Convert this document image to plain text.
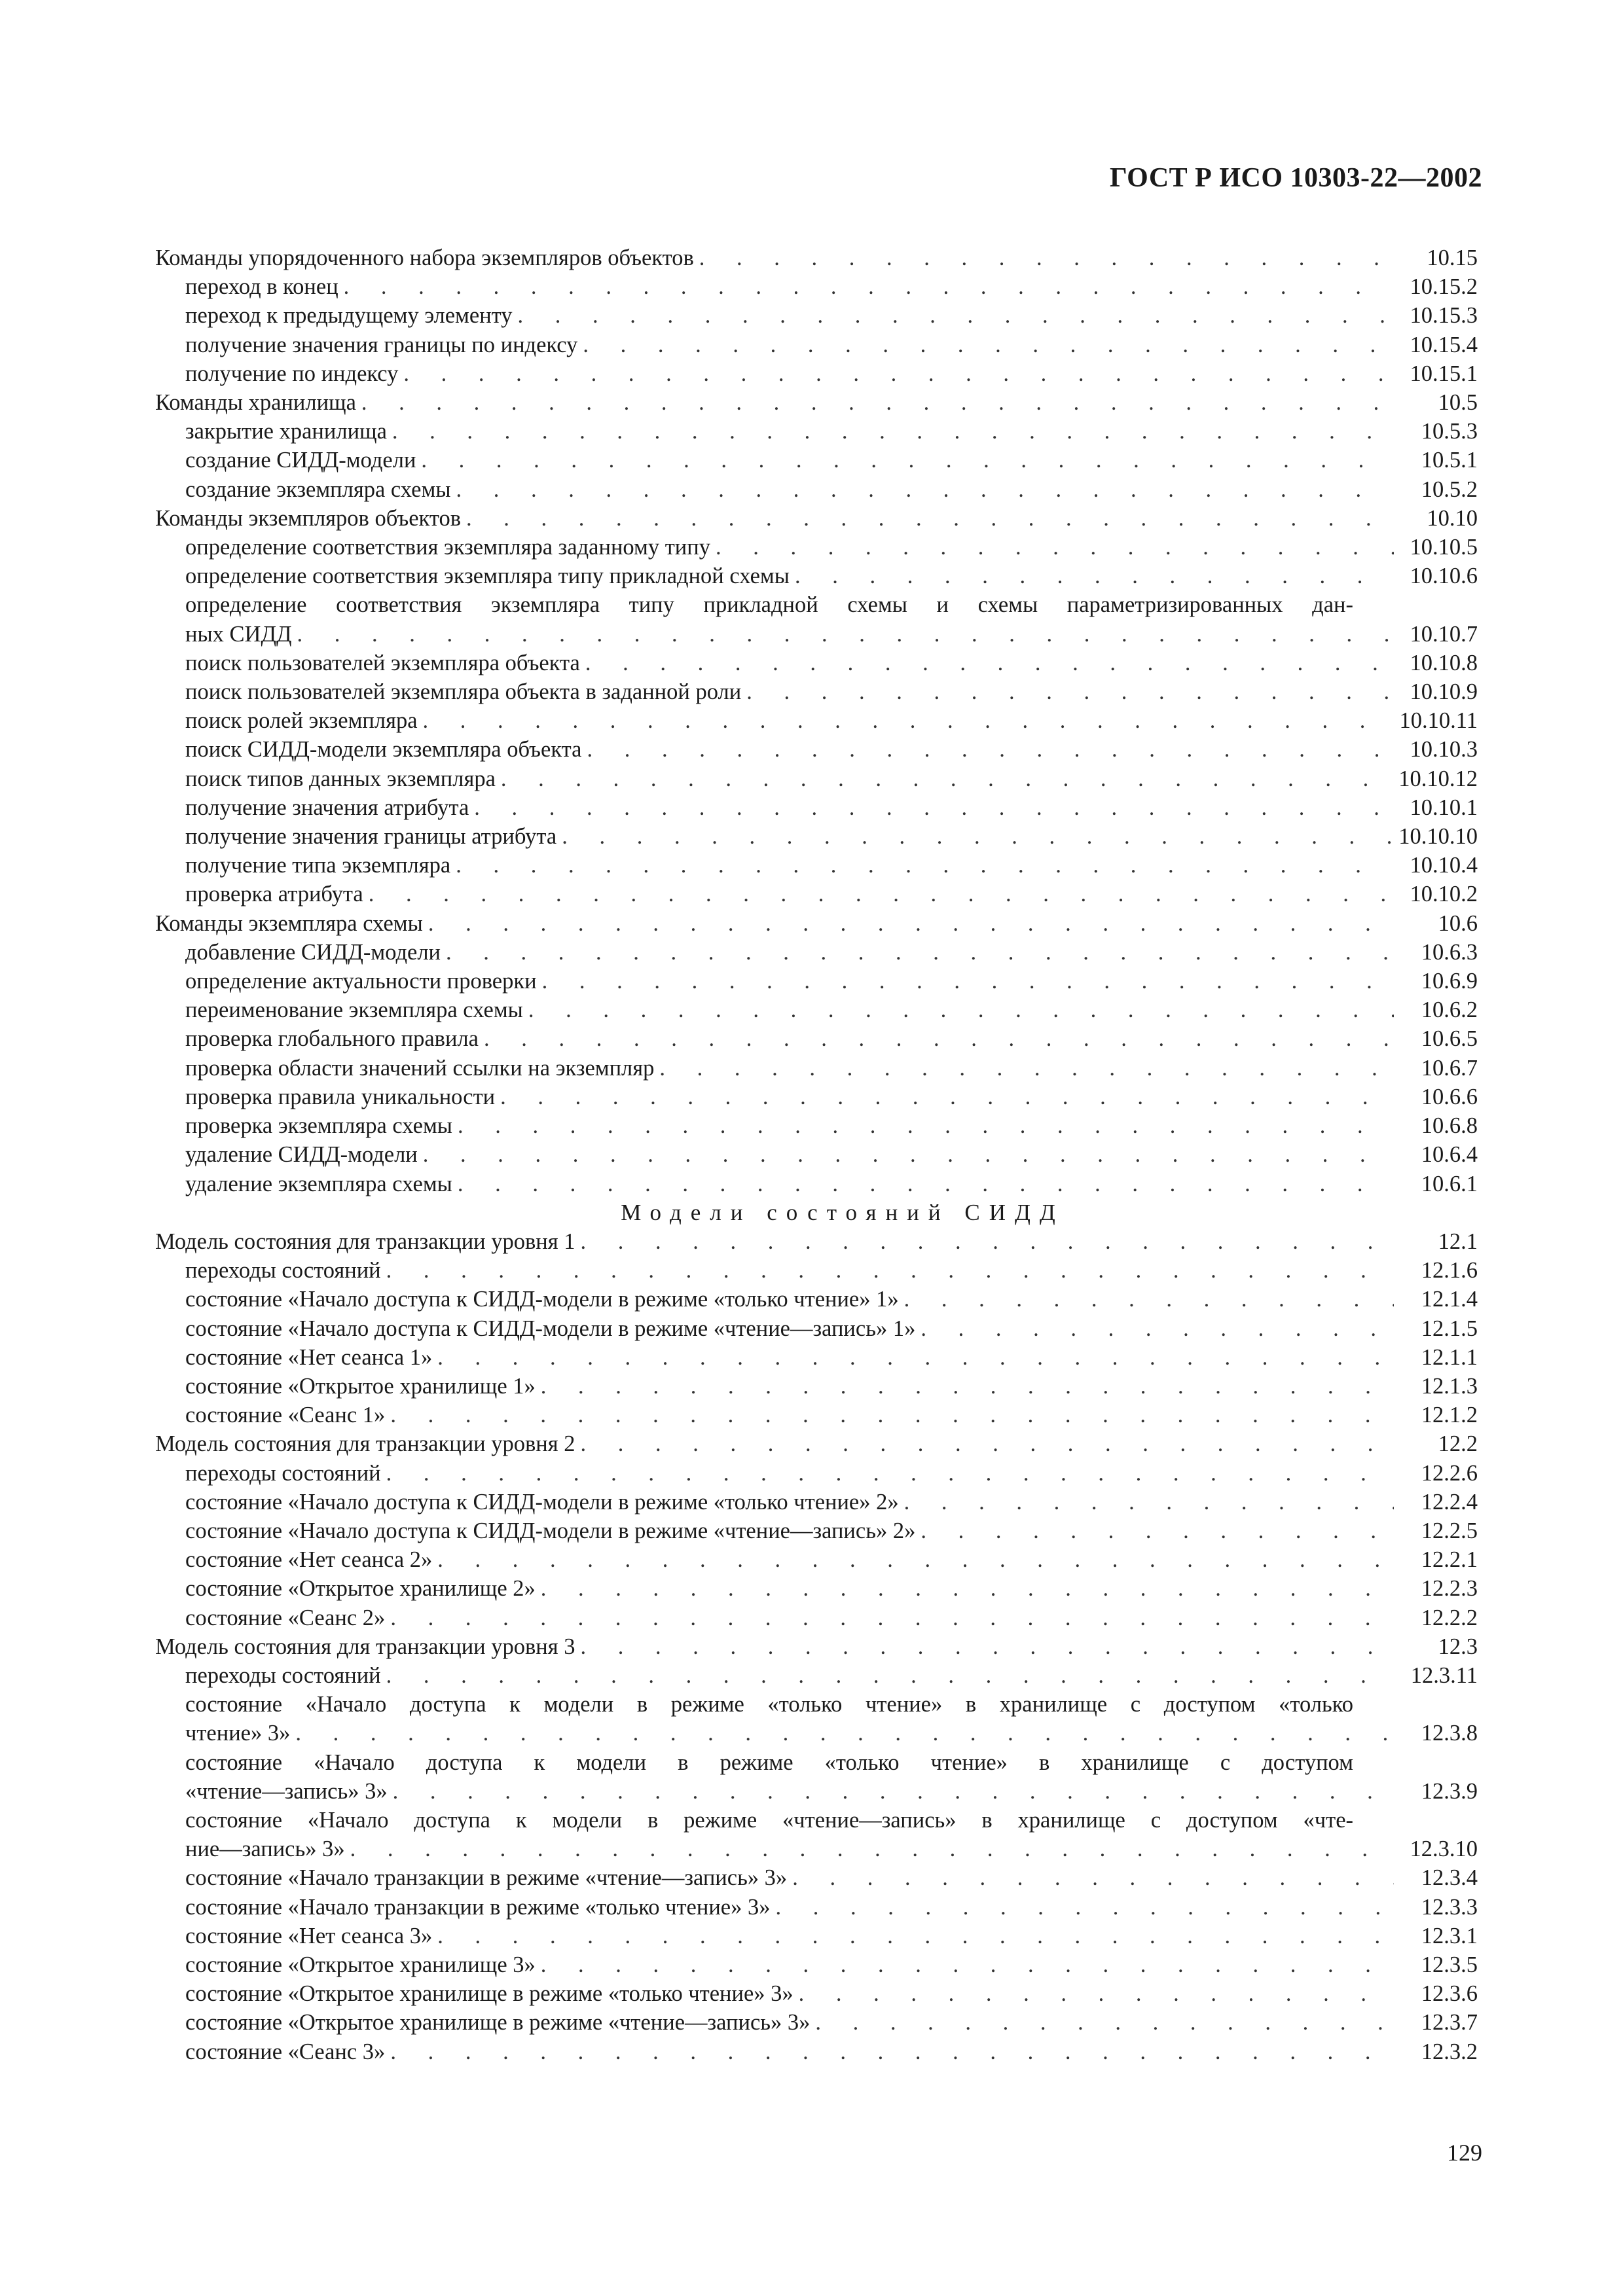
ГОСТ Р ИСО 10303-22—2002
Команды упорядоченного набора экземпляров объектов . . .	10.15
переход в конец . . .	10.15.2
переход к предыдущему элементу . . .	10.15.3
получение значения границы по индексу . . .	10.15.4
получение по индексу . . .	10.15.1
Команды хранилища . . .	10.5
закрытие хранилища . . .	10.5.3
создание СИДД-модели . . .	10.5.1
создание экземпляра схемы . . .	10.5.2
Команды экземпляров объектов . . .	10.10
определение соответствия экземпляра заданному типу . . .	10.10.5
определение соответствия экземпляра типу прикладной схемы . . .	10.10.6
определение соответствия экземпляра типу прикладной схемы и схемы параметризированных дан-
ных СИДД . . .	10.10.7
поиск пользователей экземпляра объекта . . .	10.10.8
поиск пользователей экземпляра объекта в заданной роли . . .	10.10.9
поиск ролей экземпляра . . .	10.10.11
поиск СИДД-модели экземпляра объекта . . .	10.10.3
поиск типов данных экземпляра . . .	10.10.12
получение значения атрибута . . .	10.10.1
получение значения границы атрибута . . .	10.10.10
получение типа экземпляра . . .	10.10.4
проверка атрибута . . .	10.10.2
Команды экземпляра схемы . . .	10.6
добавление СИДД-модели . . .	10.6.3
определение актуальности проверки . . .	10.6.9
переименование экземпляра схемы . . .	10.6.2
проверка глобального правила . . .	10.6.5
проверка области значений ссылки на экземпляр . . .	10.6.7
проверка правила уникальности . . .	10.6.6
проверка экземпляра схемы . . .	10.6.8
удаление СИДД-модели . . .	10.6.4
удаление экземпляра схемы . . .	10.6.1
Модели состояний СИДД
Модель состояния для транзакции уровня 1 . . .	12.1
переходы состояний . . .	12.1.6
состояние «Начало доступа к СИДД-модели в режиме «только чтение» 1» . . .	12.1.4
состояние «Начало доступа к СИДД-модели в режиме «чтение—запись» 1» . . .	12.1.5
состояние «Нет сеанса 1» . . .	12.1.1
состояние «Открытое хранилище 1» . . .	12.1.3
состояние «Сеанс 1» . . .	12.1.2
Модель состояния для транзакции уровня 2 . . .	12.2
переходы состояний . . .	12.2.6
состояние «Начало доступа к СИДД-модели в режиме «только чтение» 2» . . .	12.2.4
состояние «Начало доступа к СИДД-модели в режиме «чтение—запись» 2» . . .	12.2.5
состояние «Нет сеанса 2» . . .	12.2.1
состояние «Открытое хранилище 2» . . .	12.2.3
состояние «Сеанс 2» . . .	12.2.2
Модель состояния для транзакции уровня 3 . . .	12.3
переходы состояний . . .	12.3.11
состояние «Начало доступа к модели в режиме «только чтение» в хранилище с доступом «только
чтение» 3» . . .	12.3.8
состояние «Начало доступа к модели в режиме «только чтение» в хранилище с доступом
«чтение—запись» 3» . . .	12.3.9
состояние «Начало доступа к модели в режиме «чтение—запись» в хранилище с доступом «чте-
ние—запись» 3» . . .	12.3.10
состояние «Начало транзакции в режиме «чтение—запись» 3» . . .	12.3.4
состояние «Начало транзакции в режиме «только чтение» 3» . . .	12.3.3
состояние «Нет сеанса 3» . . .	12.3.1
состояние «Открытое хранилище 3» . . .	12.3.5
состояние «Открытое хранилище в режиме «только чтение» 3» . . .	12.3.6
состояние «Открытое хранилище в режиме «чтение—запись» 3» . . .	12.3.7
состояние «Сеанс 3» . . .	12.3.2
129
